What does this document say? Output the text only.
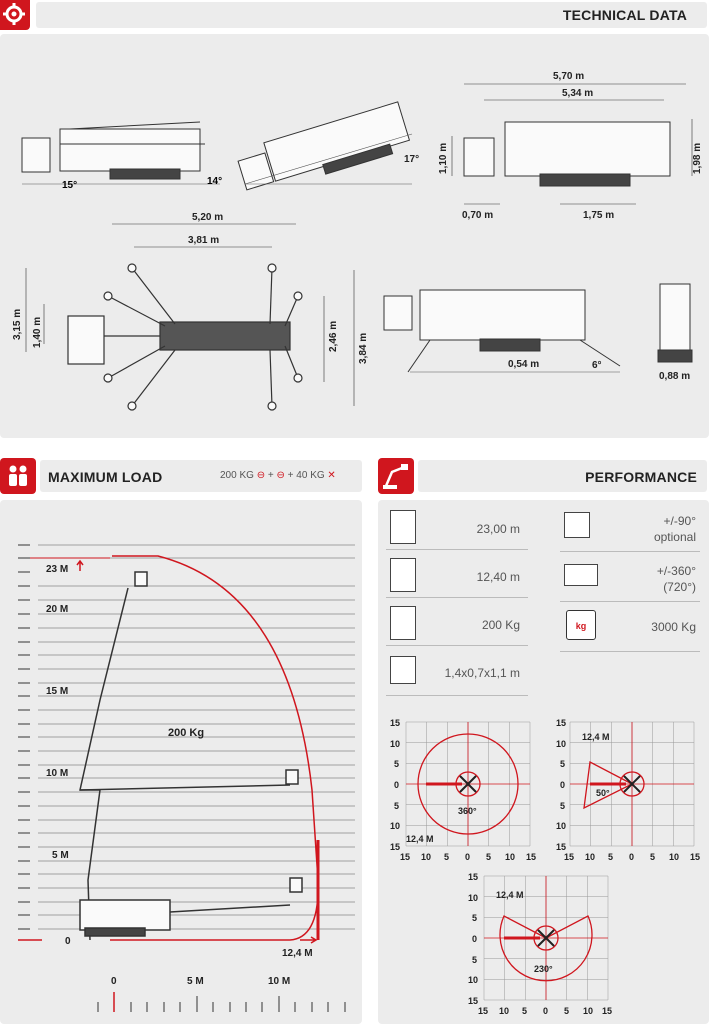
TECHNICAL DATA
15°	14°
17°
5,70 m
5,34 m
1,10 m	1,98 m
0,70 m	1,75 m
5,20 m
3,81 m
3,15 m 1,40 m	2,46 m 3,84 m
0,54 m	6°
0,88 m
MAXIMUM LOAD	200 KG ⊖ + ⊖ + 40 KG ✕
23 M
20 M
15 M
10 M
5 M
0
200 Kg
12,4 M
0	5 M	10 M
PERFORMANCE
23,00 m
12,40 m
200 Kg
1,4x0,7x1,1 m
+/-90°
optional
+/-360°
(720°)
kg	3000 Kg
360°
12,4 M
50°
12,4 M
230°
12,4 M
15
10
5
0
5
10
15
15 10 5 0 5 10 15
15
10
5
0
5
10
15
15 10 5 0 5 10 15
15
10
5
0
5
10
15
15 10 5 0 5 10 15
